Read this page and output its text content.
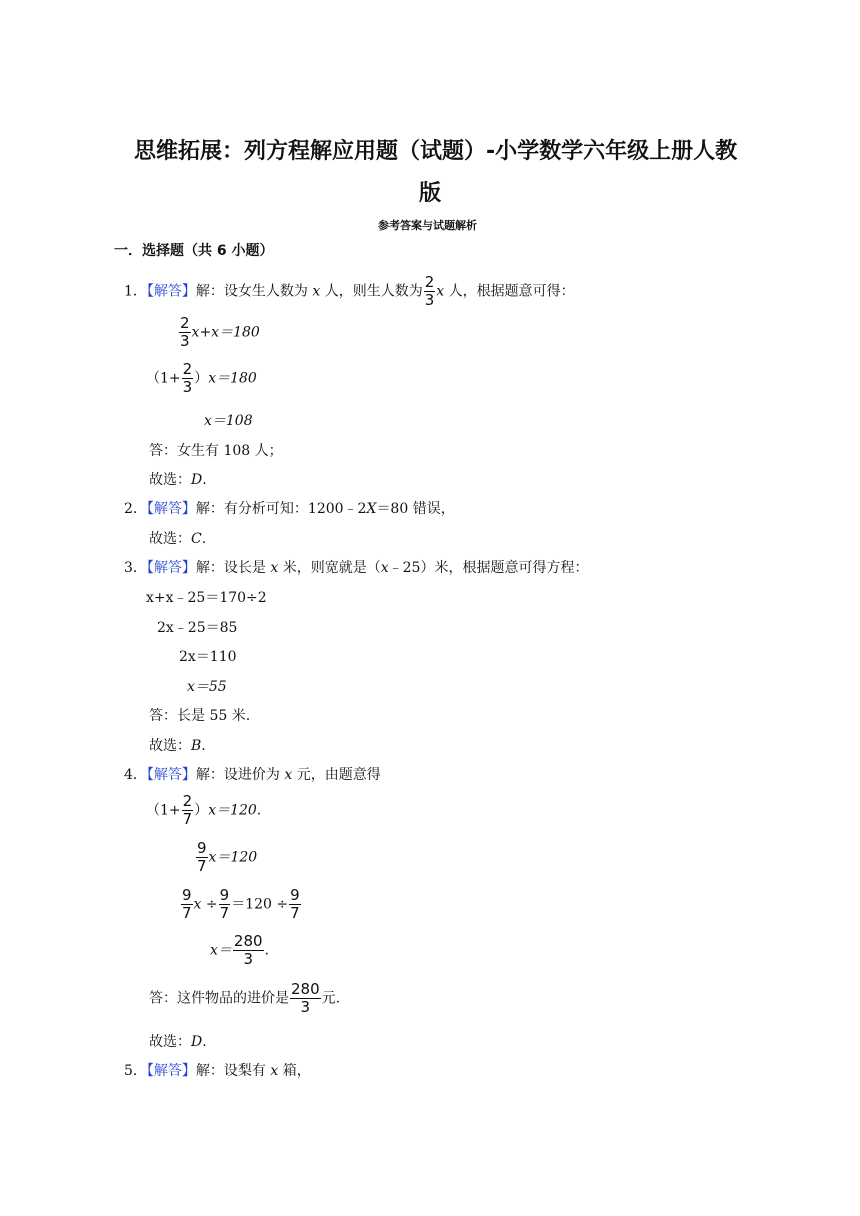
思维拓展：列方程解应用题（试题）-小学数学六年级上册人教
版
参考答案与试题解析
一．选择题（共 6 小题）
1．【解答】解：设女生人数为 x 人，则生人数为 $\frac{2}{3}$ x 人，根据题意可得：
$\frac{2}{3} x+x=180$
$(1+ \frac{2}{3} )x=180$
x＝108
答：女生有 108 人；
故选：D.
2．【解答】解：有分析可知：1200﹣2X＝80 错误，
故选：C.
3．【解答】解：设长是 x 米，则宽就是（x﹣25）米，根据题意可得方程：
x+x﹣25＝170÷2
2x﹣25＝85
2x＝110
x＝55
答：长是 55 米.
故选：B.
4．【解答】解：设进价为 x 元，由题意得
$(1+ \frac{2}{7} )x=120$.
$\frac{9}{7} x=120$
$\frac{9}{7}$ $x \div \frac{9}{7} =120 \div \frac{9}{7}$
$x= \frac{280}{3}$ .
答：这件物品的进价是 $\frac{280}{3}$ 元.
故选：D.
5．【解答】解：设梨有 x 箱，
